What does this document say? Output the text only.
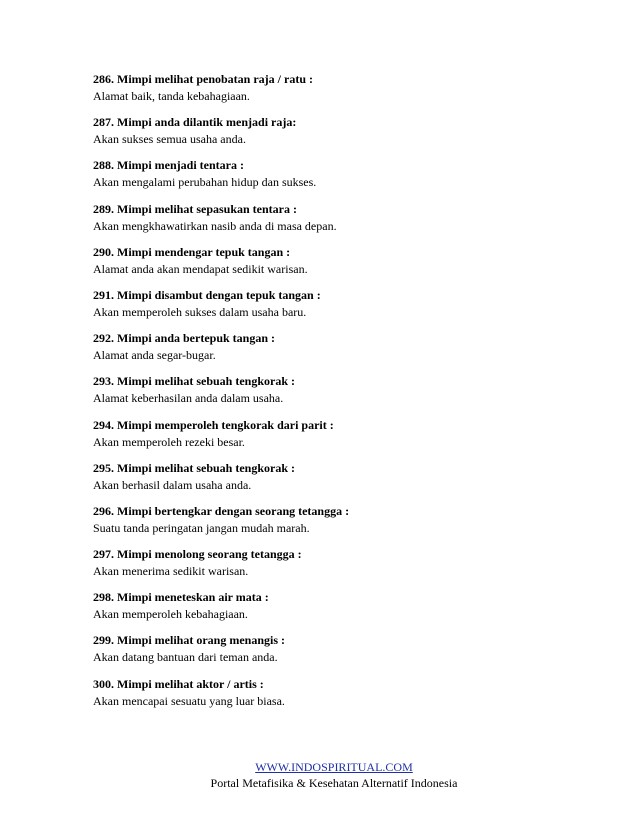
286. Mimpi melihat penobatan raja / ratu :
Alamat baik, tanda kebahagiaan.
287. Mimpi anda dilantik menjadi raja:
Akan sukses semua usaha anda.
288. Mimpi menjadi tentara :
Akan mengalami perubahan hidup dan sukses.
289. Mimpi melihat sepasukan tentara :
Akan mengkhawatirkan nasib anda di masa depan.
290. Mimpi mendengar tepuk tangan :
Alamat anda akan mendapat sedikit warisan.
291. Mimpi disambut dengan tepuk tangan :
Akan memperoleh sukses dalam usaha baru.
292. Mimpi anda bertepuk tangan :
Alamat anda segar-bugar.
293. Mimpi melihat sebuah tengkorak :
Alamat keberhasilan anda dalam usaha.
294. Mimpi memperoleh tengkorak dari parit :
Akan memperoleh rezeki besar.
295. Mimpi melihat sebuah tengkorak :
Akan berhasil dalam usaha anda.
296. Mimpi bertengkar dengan seorang tetangga :
Suatu tanda peringatan jangan mudah marah.
297. Mimpi menolong seorang tetangga :
Akan menerima sedikit warisan.
298. Mimpi meneteskan air mata :
Akan memperoleh kebahagiaan.
299. Mimpi melihat orang menangis :
Akan datang bantuan dari teman anda.
300. Mimpi melihat aktor / artis :
Akan mencapai sesuatu yang luar biasa.
WWW.INDOSPIRITUAL.COM
Portal Metafisika & Kesehatan Alternatif Indonesia
